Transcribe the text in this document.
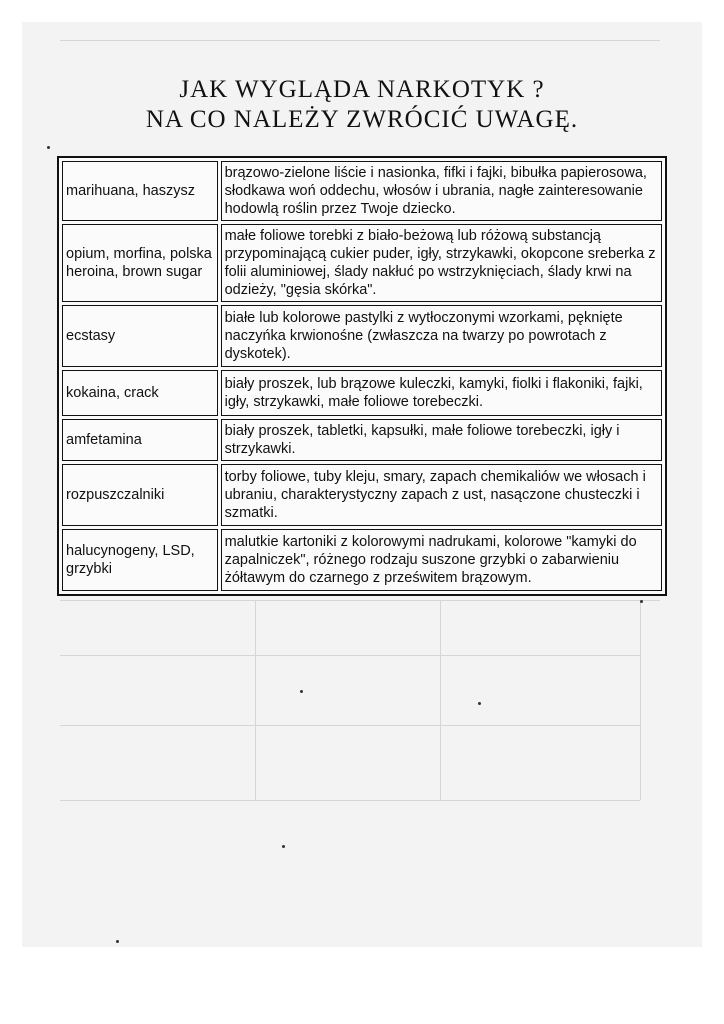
JAK WYGLĄDA NARKOTYK ?
NA CO NALEŻY ZWRÓCIĆ UWAGĘ.
marihuana, haszysz	brązowo-zielone liście i nasionka, fifki i fajki, bibułka papierosowa, słodkawa woń oddechu, włosów i ubrania, nagłe zainteresowanie hodowlą roślin przez Twoje dziecko.
opium, morfina, polska heroina, brown sugar	małe foliowe torebki z biało-beżową lub różową substancją przypominającą cukier puder, igły, strzykawki, okopcone sreberka z folii aluminiowej, ślady nakłuć po wstrzyknięciach, ślady krwi na odzieży, "gęsia skórka".
ecstasy	białe lub kolorowe pastylki z wytłoczonymi wzorkami, pęknięte naczyńka krwionośne (zwłaszcza na twarzy po powrotach z dyskotek).
kokaina, crack	biały proszek, lub brązowe kuleczki, kamyki, fiolki i flakoniki, fajki, igły, strzykawki, małe foliowe torebeczki.
amfetamina	biały proszek, tabletki, kapsułki, małe foliowe torebeczki, igły i strzykawki.
rozpuszczalniki	torby foliowe, tuby kleju, smary, zapach chemikaliów we włosach i ubraniu, charakterystyczny zapach z ust, nasączone chusteczki i szmatki.
halucynogeny, LSD, grzybki	malutkie kartoniki z kolorowymi nadrukami, kolorowe "kamyki do zapalniczek", różnego rodzaju suszone grzybki o zabarwieniu żółtawym do czarnego z prześwitem brązowym.
